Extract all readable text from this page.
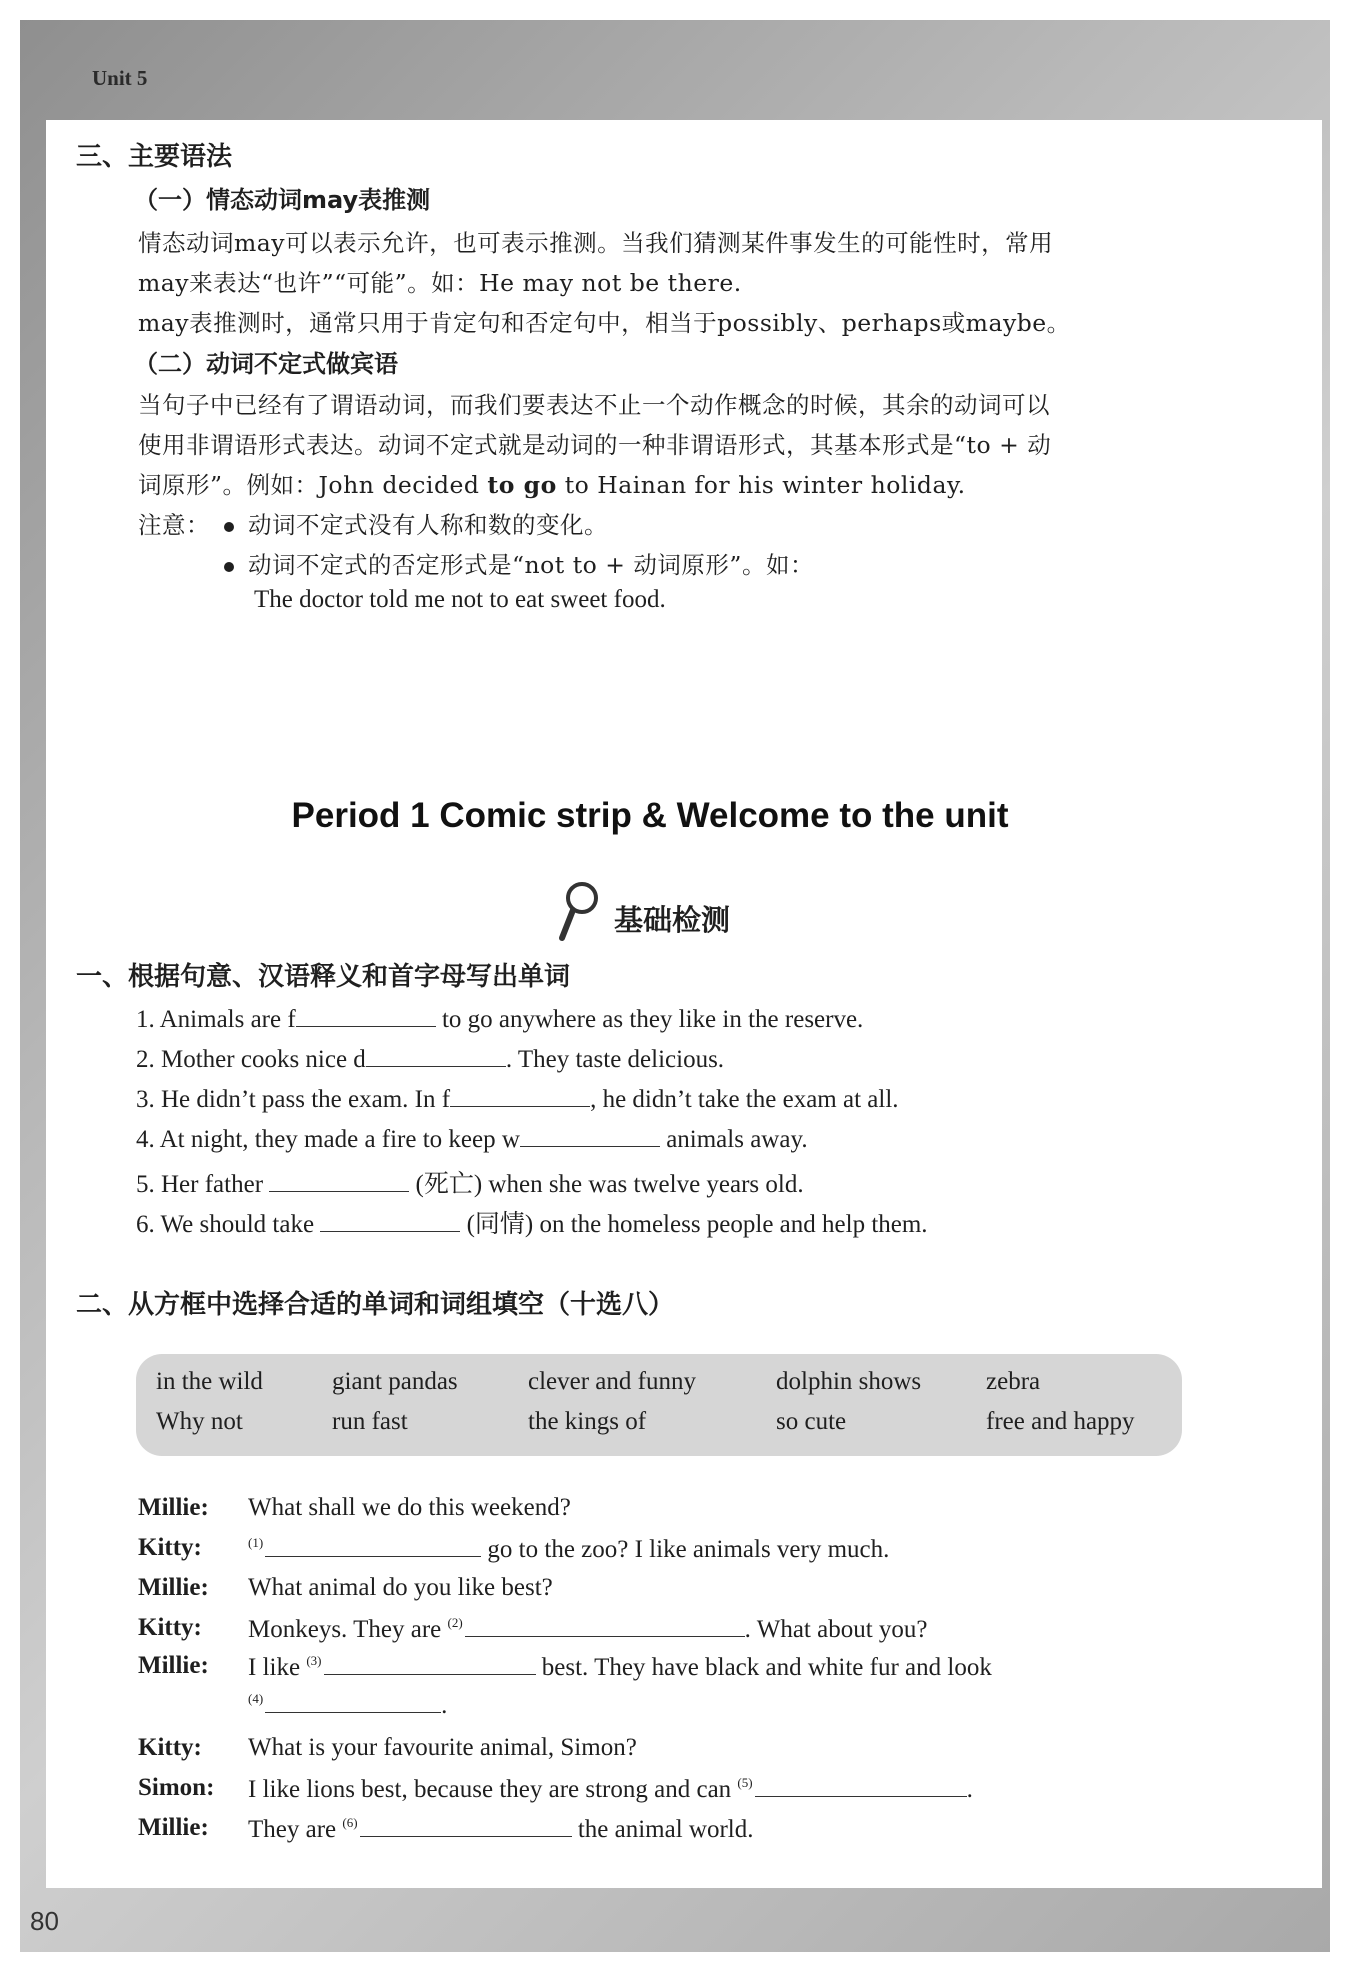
Unit 5
三、主要语法
（一）情态动词may表推测
情态动词may可以表示允许，也可表示推测。当我们猜测某件事发生的可能性时，常用
may来表达“也许”“可能”。如：He may not be there.
may表推测时，通常只用于肯定句和否定句中，相当于possibly、perhaps或maybe。
（二）动词不定式做宾语
当句子中已经有了谓语动词，而我们要表达不止一个动作概念的时候，其余的动词可以
使用非谓语形式表达。动词不定式就是动词的一种非谓语形式，其基本形式是“to + 动
词原形”。例如：John decided to go to Hainan for his winter holiday.
注意：	动词不定式没有人称和数的变化。
动词不定式的否定形式是“not to + 动词原形”。如：
The doctor told me not to eat sweet food.
Period 1 Comic strip & Welcome to the unit
基础检测
一、根据句意、汉语释义和首字母写出单词
1. Animals are f	to go anywhere as they like in the reserve.
2. Mother cooks nice d	. They taste delicious.
3. He didn’t pass the exam. In f	, he didn’t take the exam at all.
4. At night, they made a fire to keep w	animals away.
5. Her father	(死亡) when she was twelve years old.
6. We should take	(同情) on the homeless people and help them.
二、从方框中选择合适的单词和词组填空（十选八）
in the wild	giant pandas	clever and funny	dolphin shows	zebra
Why not	run fast	the kings of	so cute	free and happy
Millie: What shall we do this weekend?
Kitty:	$^{(1)}$	go to the zoo? I like animals very much.
Millie: What animal do you like best?
Kitty: Monkeys. They are $^{(2)}$	. What about you?
Millie: I like $^{(3)}$	best. They have black and white fur and look
$^{(4)}$	.
Kitty: What is your favourite animal, Simon?
Simon: I like lions best, because they are strong and can $^{(5)}$	.
Millie: They are $^{(6)}$	the animal world.
80
